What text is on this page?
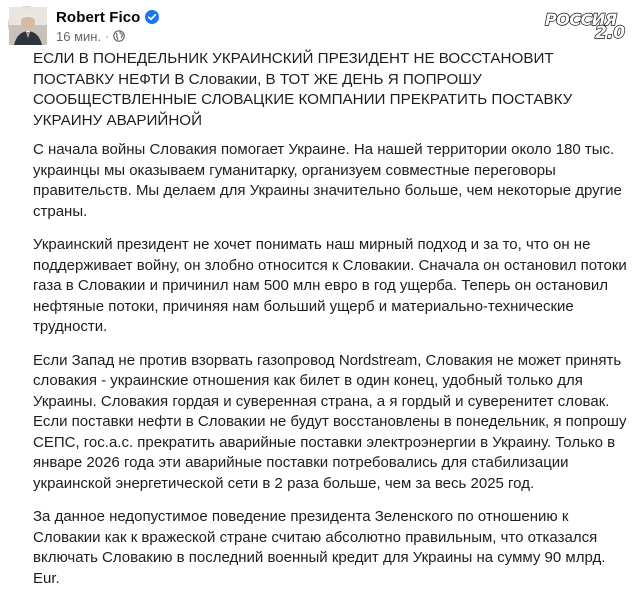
Robert Fico
16 мин. ·
РОССИЯ
2.0

ЕСЛИ В ПОНЕДЕЛЬНИК УКРАИНСКИЙ ПРЕЗИДЕНТ НЕ ВОССТАНОВИТ ПОСТАВКУ НЕФТИ В Словакии, В ТОТ ЖЕ ДЕНЬ Я ПОПРОШУ СООБЩЕСТВЛЕННЫЕ СЛОВАЦКИЕ КОМПАНИИ ПРЕКРАТИТЬ ПОСТАВКУ УКРАИНУ АВАРИЙНОЙ

С начала войны Словакия помогает Украине. На нашей территории около 180 тыс. украинцы мы оказываем гуманитарку, организуем совместные переговоры правительств. Мы делаем для Украины значительно больше, чем некоторые другие страны.

Украинский президент не хочет понимать наш мирный подход и за то, что он не поддерживает войну, он злобно относится к Словакии. Сначала он остановил потоки газа в Словакии и причинил нам 500 млн евро в год ущерба. Теперь он остановил нефтяные потоки, причиняя нам больший ущерб и материально-технические трудности.

Если Запад не против взорвать газопровод Nordstream, Словакия не может принять словакия - украинские отношения как билет в один конец, удобный только для Украины. Словакия гордая и суверенная страна, а я гордый и суверенитет словак. Если поставки нефти в Словакии не будут восстановлены в понедельник, я попрошу СЕПС, гос.а.с. прекратить аварийные поставки электроэнергии в Украину. Только в январе 2026 года эти аварийные поставки потребовались для стабилизации украинской энергетической сети в 2 раза больше, чем за весь 2025 год.

За данное недопустимое поведение президента Зеленского по отношению к Словакии как к вражеской стране считаю абсолютно правильным, что отказался включать Словакию в последний военный кредит для Украины на сумму 90 млрд. Eur.
